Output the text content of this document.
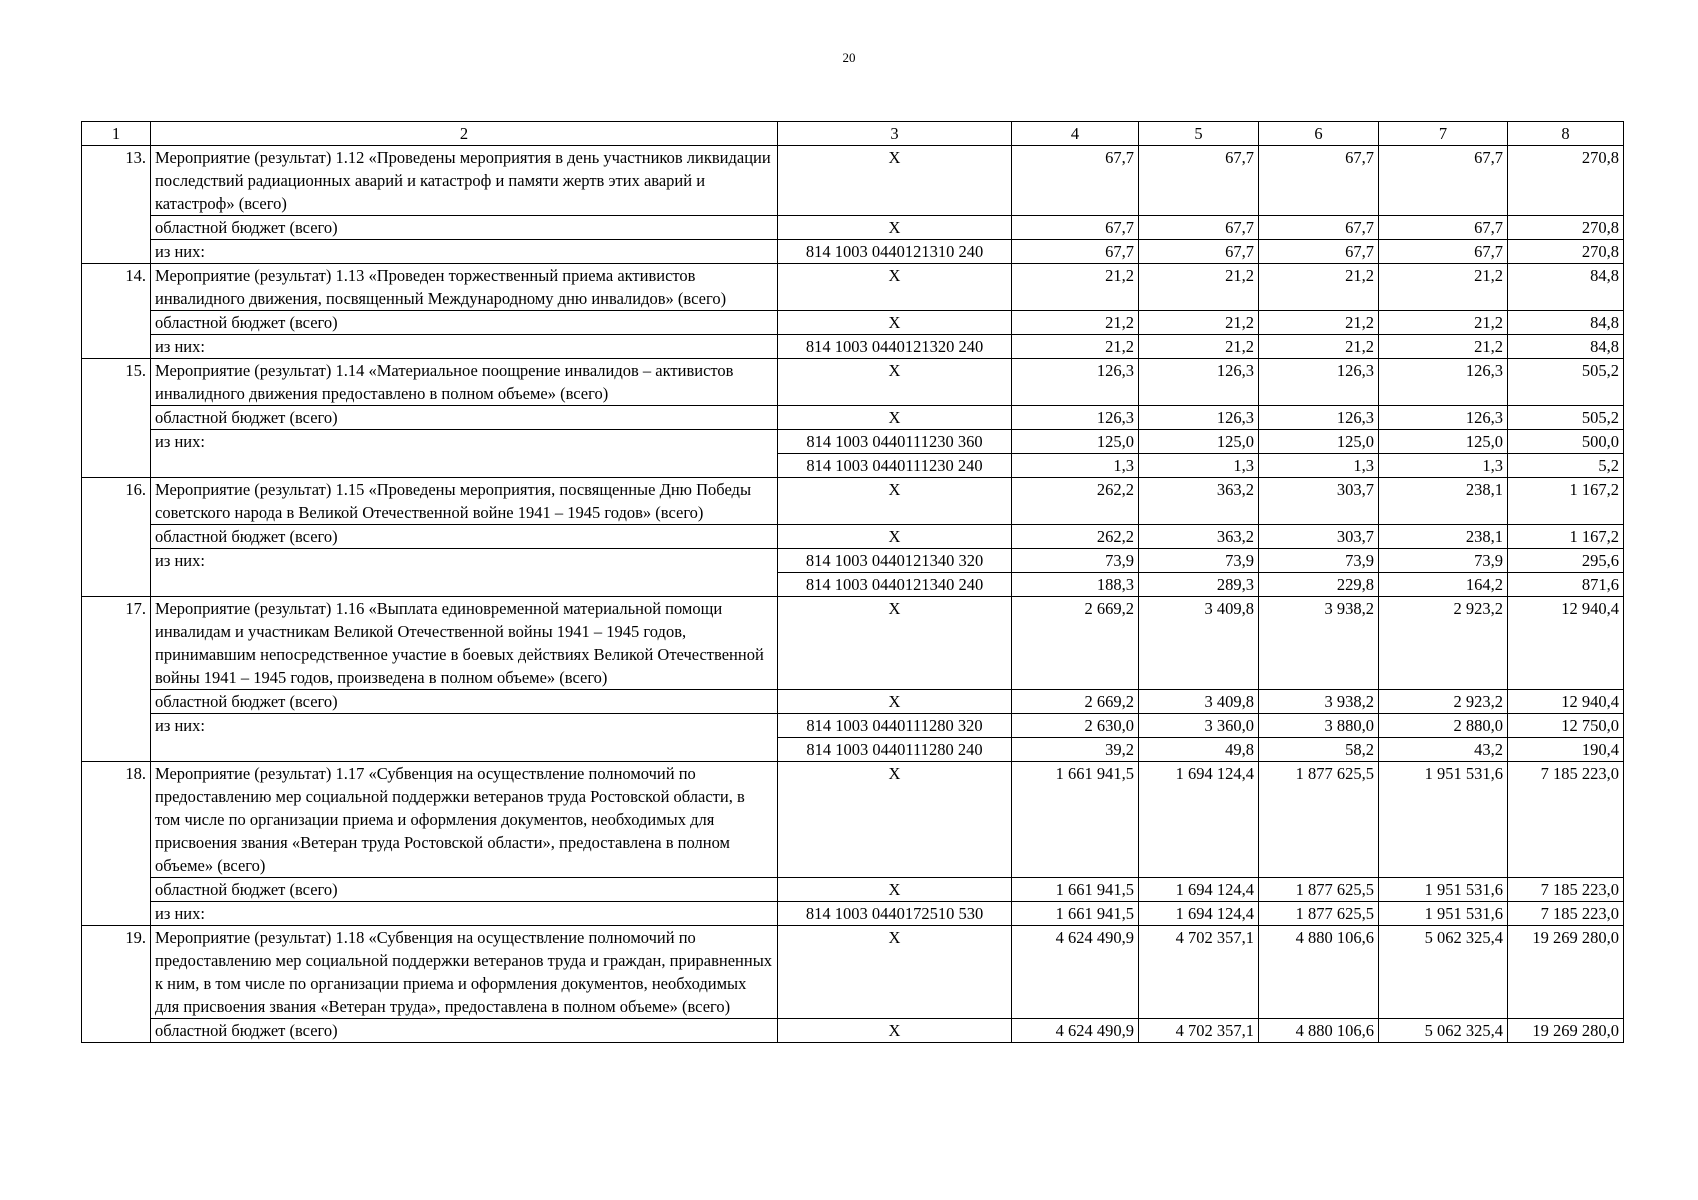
20
1	2	3	4	5	6	7	8
13.	Мероприятие (результат) 1.12 «Проведены мероприятия в день участников ликвидации последствий радиационных аварий и катастроф и памяти жертв этих аварий и катастроф» (всего)	X	67,7	67,7	67,7	67,7	270,8
	областной бюджет (всего)	X	67,7	67,7	67,7	67,7	270,8
	из них:	814 1003 0440121310 240	67,7	67,7	67,7	67,7	270,8
14.	Мероприятие (результат) 1.13 «Проведен торжественный приема активистов инвалидного движения, посвященный Международному дню инвалидов» (всего)	X	21,2	21,2	21,2	21,2	84,8
	областной бюджет (всего)	X	21,2	21,2	21,2	21,2	84,8
	из них:	814 1003 0440121320 240	21,2	21,2	21,2	21,2	84,8
15.	Мероприятие (результат) 1.14 «Материальное поощрение инвалидов – активистов инвалидного движения предоставлено в полном объеме» (всего)	X	126,3	126,3	126,3	126,3	505,2
	областной бюджет (всего)	X	126,3	126,3	126,3	126,3	505,2
	из них:	814 1003 0440111230 360	125,0	125,0	125,0	125,0	500,0
		814 1003 0440111230 240	1,3	1,3	1,3	1,3	5,2
16.	Мероприятие (результат) 1.15 «Проведены мероприятия, посвященные Дню Победы советского народа в Великой Отечественной войне 1941 – 1945 годов» (всего)	X	262,2	363,2	303,7	238,1	1 167,2
	областной бюджет (всего)	X	262,2	363,2	303,7	238,1	1 167,2
	из них:	814 1003 0440121340 320	73,9	73,9	73,9	73,9	295,6
		814 1003 0440121340 240	188,3	289,3	229,8	164,2	871,6
17.	Мероприятие (результат) 1.16 «Выплата единовременной материальной помощи инвалидам и участникам Великой Отечественной войны 1941 – 1945 годов, принимавшим непосредственное участие в боевых действиях Великой Отечественной войны 1941 – 1945 годов, произведена в полном объеме» (всего)	X	2 669,2	3 409,8	3 938,2	2 923,2	12 940,4
	областной бюджет (всего)	X	2 669,2	3 409,8	3 938,2	2 923,2	12 940,4
	из них:	814 1003 0440111280 320	2 630,0	3 360,0	3 880,0	2 880,0	12 750,0
		814 1003 0440111280 240	39,2	49,8	58,2	43,2	190,4
18.	Мероприятие (результат) 1.17 «Субвенция на осуществление полномочий по предоставлению мер социальной поддержки ветеранов труда Ростовской области, в том числе по организации приема и оформления документов, необходимых для присвоения звания «Ветеран труда Ростовской области», предоставлена в полном объеме» (всего)	X	1 661 941,5	1 694 124,4	1 877 625,5	1 951 531,6	7 185 223,0
	областной бюджет (всего)	X	1 661 941,5	1 694 124,4	1 877 625,5	1 951 531,6	7 185 223,0
	из них:	814 1003 0440172510 530	1 661 941,5	1 694 124,4	1 877 625,5	1 951 531,6	7 185 223,0
19.	Мероприятие (результат) 1.18 «Субвенция на осуществление полномочий по предоставлению мер социальной поддержки ветеранов труда и граждан, приравненных к ним, в том числе по организации приема и оформления документов, необходимых для присвоения звания «Ветеран труда», предоставлена в полном объеме» (всего)	X	4 624 490,9	4 702 357,1	4 880 106,6	5 062 325,4	19 269 280,0
	областной бюджет (всего)	X	4 624 490,9	4 702 357,1	4 880 106,6	5 062 325,4	19 269 280,0
